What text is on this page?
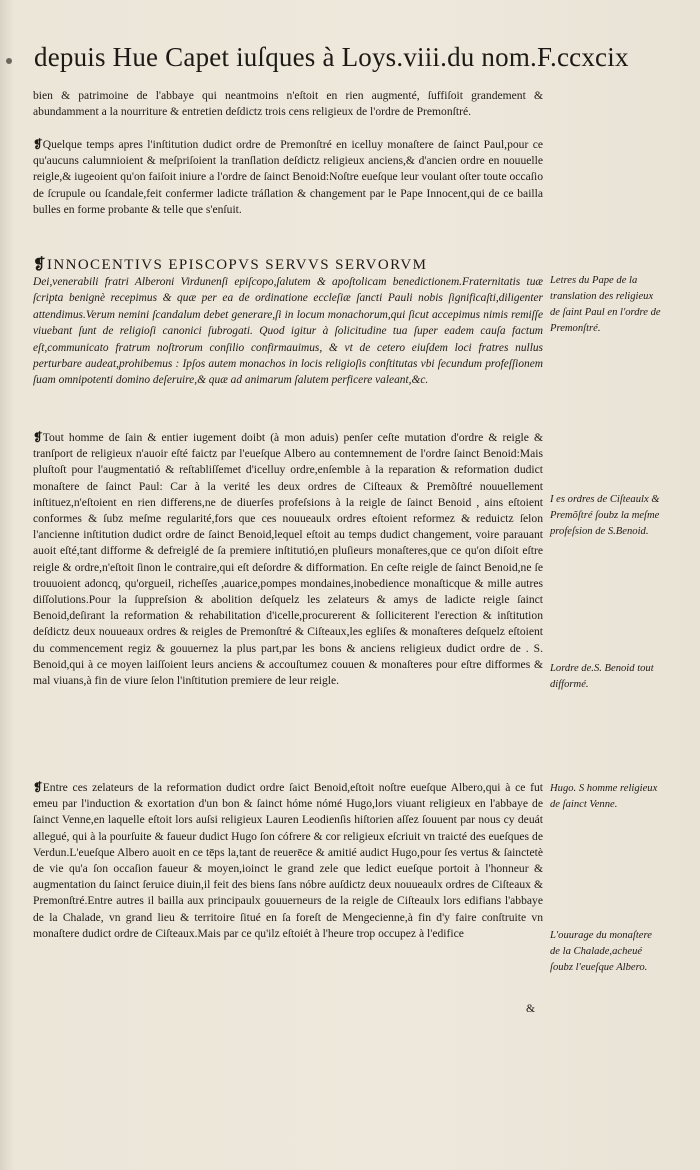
depuis Hue Capet iuſques à Loys.viii.du nom.F.ccxcix

bien & patrimoine de l'abbaye qui neantmoins n'eſtoit en rien augmenté, ſuffiſoit grandement & abundamment a la nourriture & entretien deſdictz trois cens religieux de l'ordre de Premonſtré.

❡Quelque temps apres l'inſtitution dudict ordre de Premonſtré en icelluy monaſtere de ſainct Paul,pour ce qu'aucuns calumnioient & meſpriſoient la tranſlation deſdictz religieux anciens,& d'ancien ordre en nouuelle reigle,& iugeoient qu'on faiſoit iniure a l'ordre de ſainct Benoid:Noſtre eueſque leur voulant oſter toute occaſio de ſcrupule ou ſcandale,feit confermer ladicte tráſlation & changement par le Pape Innocent,qui de ce bailla bulles en forme probante & telle que s'enſuit.

❡INNOCENTIVS EPISCOPVS SERVVS SERVORVM
Dei,venerabili fratri Alberoni Virdunenſi epiſcopo,ſalutem & apoſtolicam benedictionem.Fraternitatis tuæ ſcripta benignè recepimus & quæ per ea de ordinatione eccleſiæ ſancti Pauli nobis ſignificaſti,diligenter attendimus.Verum nemini ſcandalum debet generare,ſi in locum monachorum,qui ſicut accepimus nimis remiſſe viuebant ſunt de religioſi canonici ſubrogati. Quod igitur à ſolicitudine tua ſuper eadem cauſa factum eſt,communicato fratrum noſtrorum conſilio confirmauimus, & vt de cetero eiuſdem loci fratres nullus perturbare audeat,prohibemus : Ipſos autem monachos in locis religioſis conſtitutas vbi ſecundum profeſſionem ſuam omnipotenti domino deſeruire,& quæ ad animarum ſalutem perficere valeant,&c.

❡Tout homme de ſain & entier iugement doibt (à mon aduis) penſer ceſte mutation d'ordre & reigle & tranſport de religieux n'auoir eſté faictz par l'eueſque Albero au contemnement de l'ordre ſainct Benoid:Mais pluſtoſt pour l'augmentatió & reſtabliſſemet d'icelluy ordre,enſemble à la reparation & reformation dudict monaſtere de ſainct Paul: Car à la verité les deux ordres de Ciſteaux & Premõſtré nouuellement inſtituez,n'eſtoient en rien differens,ne de diuerſes profeſsions à la reigle de ſainct Benoid , ains eſtoient conformes & ſubz meſme regularité,fors que ces nouueaulx ordres eſtoient reformez & reduictz ſelon l'ancienne inſtitution dudict ordre de ſainct Benoid,lequel eſtoit au temps dudict changement, voire parauant auoit eſté,tant difforme & defreiglé de ſa premiere inſtitutió,en pluſieurs monaſteres,que ce qu'on diſoit eſtre reigle & ordre,n'eſtoit ſinon le contraire,qui eſt deſordre & difformation. En ceſte reigle de ſainct Benoid,ne ſe trouuoient adoncq, qu'orgueil, richeſſes ,auarice,pompes mondaines,inobedience monaſticque & mille autres diſſolutions.Pour la ſuppreſsion & abolition deſquelz les zelateurs & amys de ladicte reigle ſainct Benoid,deſirant la reformation & rehabilitation d'icelle,procurerent & ſolliciterent l'erection & inſtitution deſdictz deux nouueaux ordres & reigles de Premonſtré & Ciſteaux,les egliſes & monaſteres deſquelz eſtoient du commencement regiz & gouuernez la plus part,par les bons & anciens religieux dudict ordre de . S. Benoid,qui à ce moyen laiſſoient leurs anciens & accouſtumez couuen & monaſteres pour eſtre difformes & mal viuans,à fin de viure ſelon l'inſtitution premiere de leur reigle.

❡Entre ces zelateurs de la reformation dudict ordre ſaict Benoid,eſtoit noſtre eueſque Albero,qui à ce fut emeu par l'induction & exortation d'un bon & ſainct hóme nómé Hugo,lors viuant religieux en l'abbaye de ſainct Venne,en laquelle eſtoit lors auſsi religieux Lauren Leodienſis hiſtorien aſſez ſouuent par nous cy deuát allegué, qui à la pourſuite & faueur dudict Hugo ſon cófrere & cor religieux eſcriuit vn traicté des eueſques de Verdun.L'eueſque Albero auoit en ce tēps la,tant de reuerēce & amitié audict Hugo,pour ſes vertus & ſainctetè de vie qu'a ſon occaſion faueur & moyen,ioinct le grand zele que ledict eueſque portoit à l'honneur & augmentation du ſainct ſeruice diuin,il feit des biens ſans nóbre auſdictz deux nouueaulx ordres de Ciſteaux & Premonſtré.Entre autres il bailla aux principaulx gouuerneurs de la reigle de Ciſteaulx lors edifians l'abbaye de la Chalade, vn grand lieu & territoire ſitué en ſa foreſt de Mengecienne,à fin d'y faire conſtruite vn monaſtere dudict ordre de Ciſteaux.Mais par ce qu'ilz eſtoiét à l'heure trop occupez à l'edifice

&
Letres du Pape de la translation des religieux de ſaint Paul en l'ordre de Premonſtré.
I es ordres de Ciſteaulx & Premõſtré ſoubz la meſme profeſsion de S.Benoid.
Lordre de.S. Benoid tout difformé.
Hugo. S homme religieux de ſainct Venne.
L'ouurage du monaſtere de la Chalade,acheué ſoubz l'eueſque Albero.
